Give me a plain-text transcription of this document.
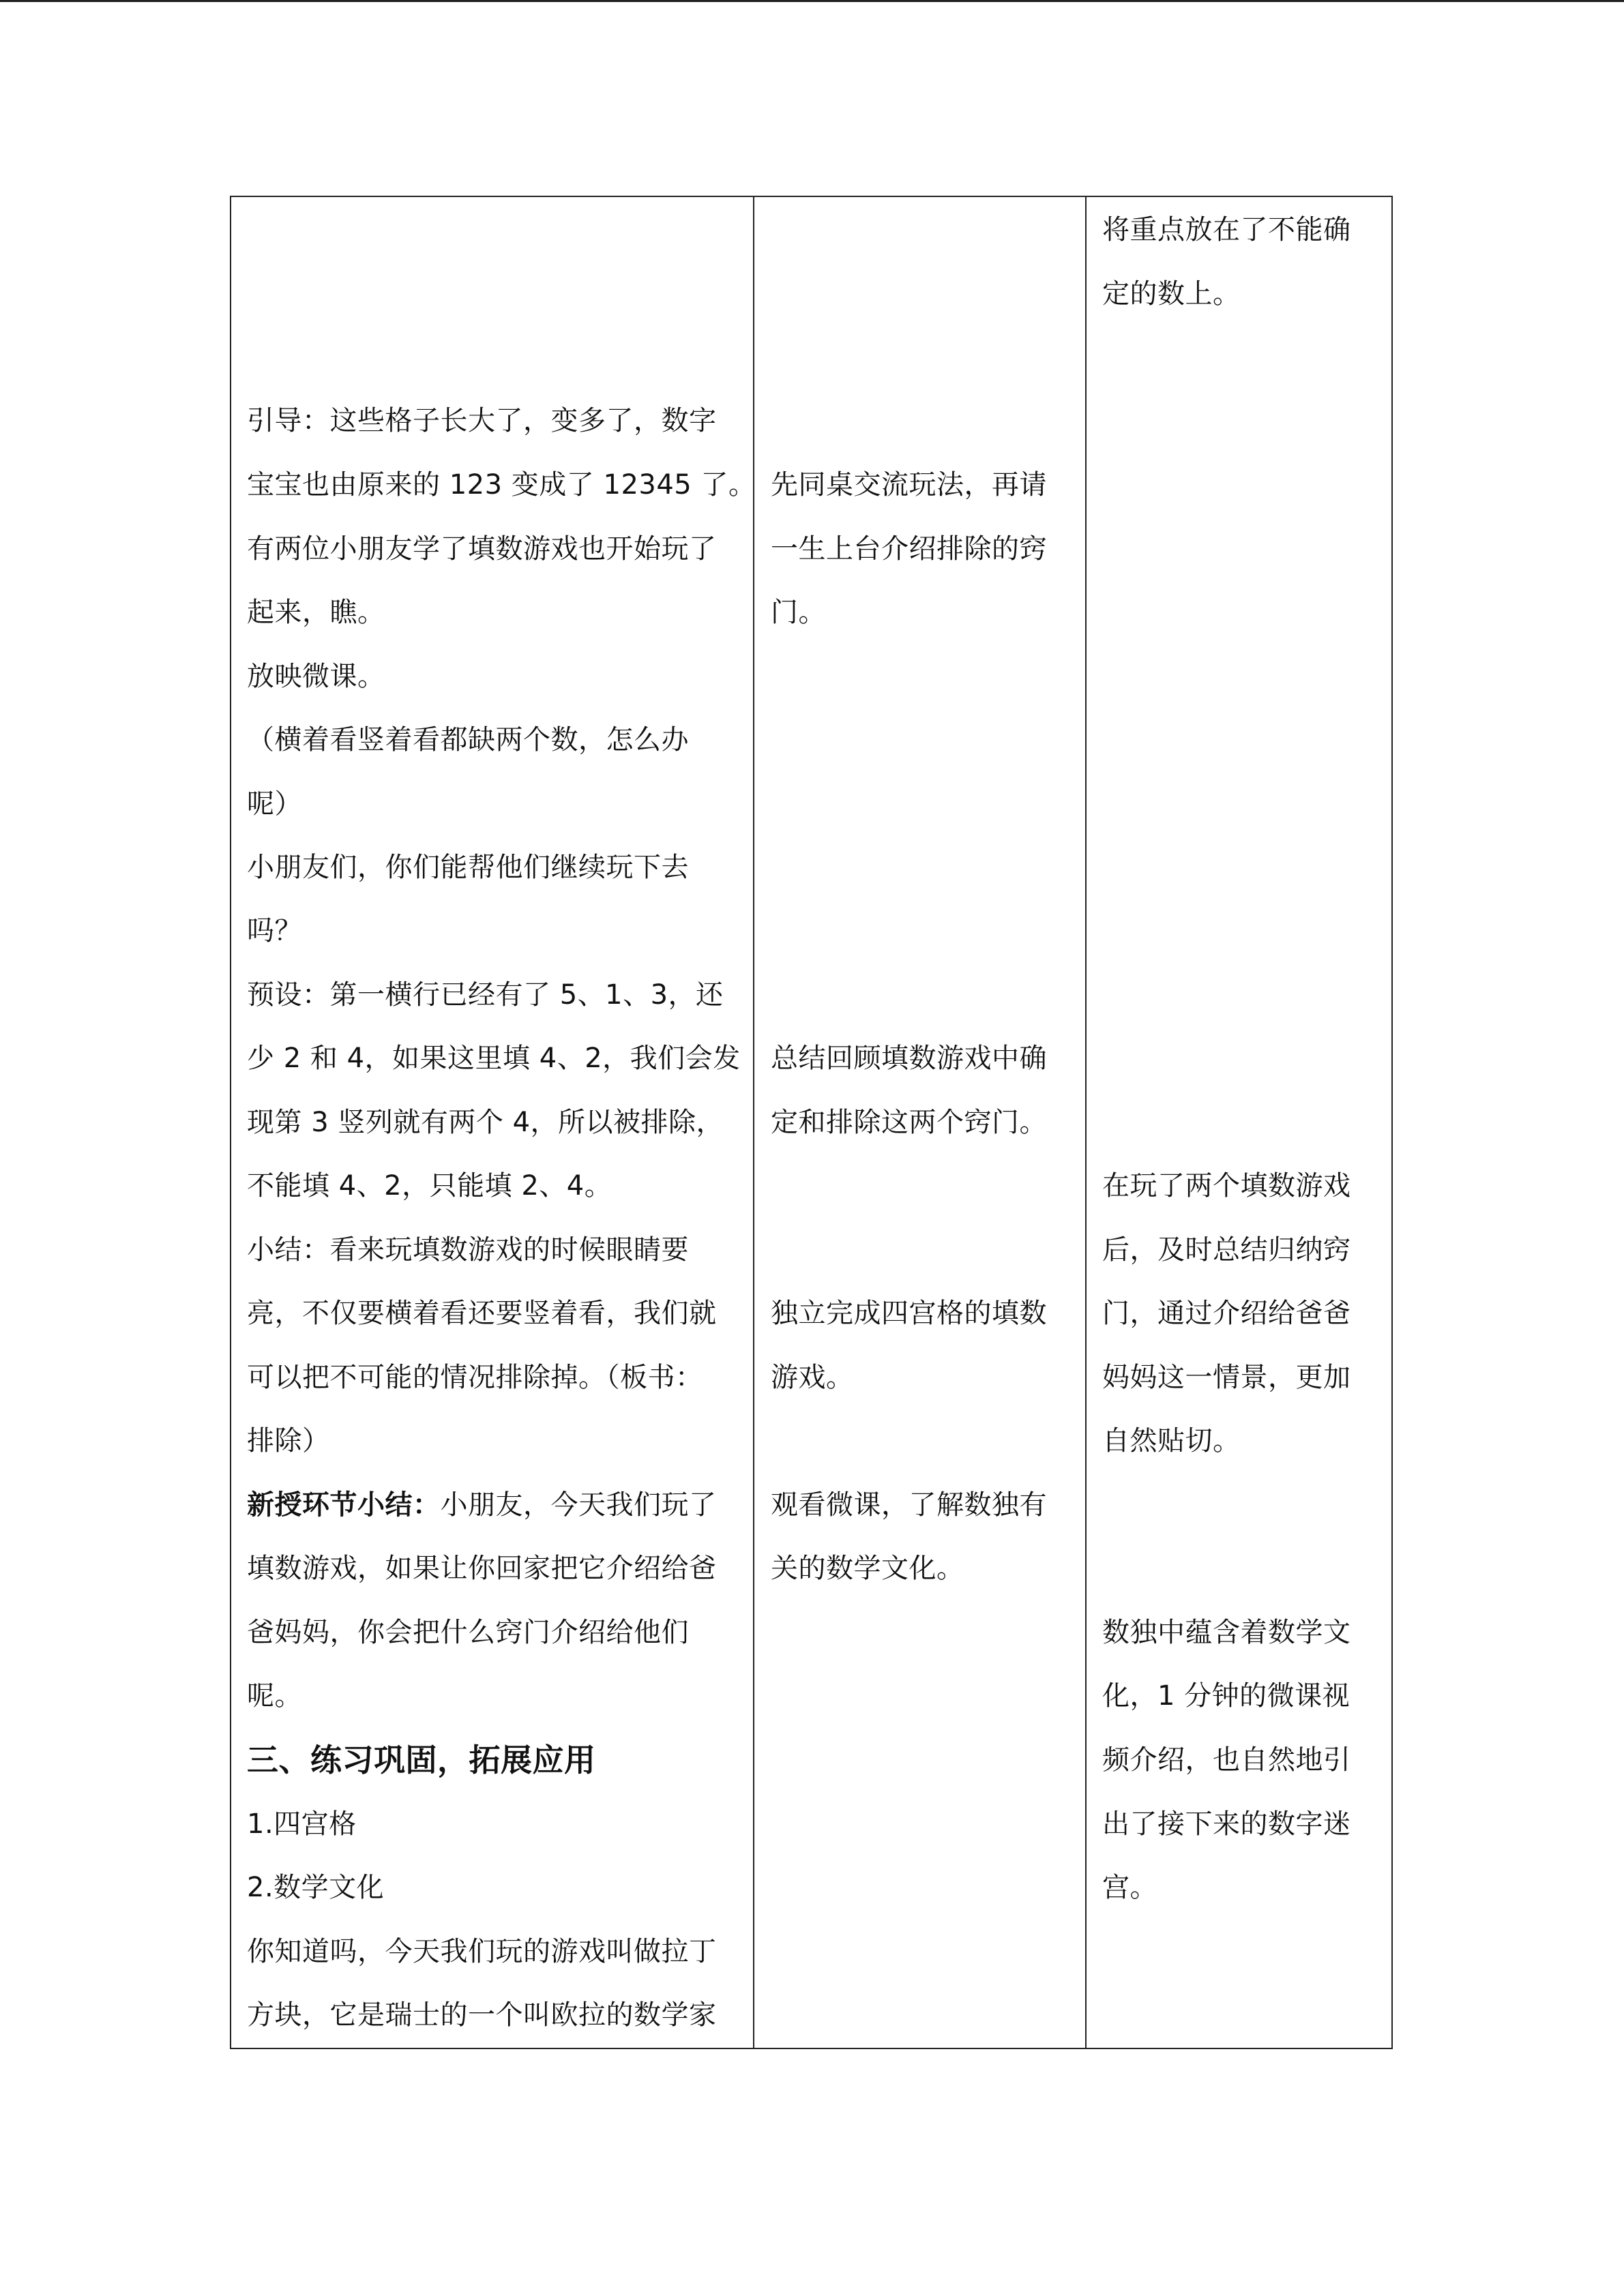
引导：这些格子长大了，变多了，数字
宝宝也由原来的 123 变成了 12345 了。
有两位小朋友学了填数游戏也开始玩了
起来，瞧。
放映微课。
（横着看竖着看都缺两个数，怎么办
呢）
小朋友们，你们能帮他们继续玩下去
吗？
预设：第一横行已经有了 5、1、3，还
少 2 和 4，如果这里填 4、2，我们会发
现第 3 竖列就有两个 4，所以被排除，
不能填 4、2，只能填 2、4。
小结：看来玩填数游戏的时候眼睛要
亮，不仅要横着看还要竖着看，我们就
可以把不可能的情况排除掉。（板书：
排除）
新授环节小结：小朋友，今天我们玩了
填数游戏，如果让你回家把它介绍给爸
爸妈妈，你会把什么窍门介绍给他们
呢。
三、练习巩固，拓展应用
1.四宫格
2.数学文化
你知道吗，今天我们玩的游戏叫做拉丁
方块，它是瑞士的一个叫欧拉的数学家
先同桌交流玩法，再请
一生上台介绍排除的窍
门。
总结回顾填数游戏中确
定和排除这两个窍门。
独立完成四宫格的填数
游戏。
观看微课，了解数独有
关的数学文化。
将重点放在了不能确
定的数上。
在玩了两个填数游戏
后，及时总结归纳窍
门，通过介绍给爸爸
妈妈这一情景，更加
自然贴切。
数独中蕴含着数学文
化，1 分钟的微课视
频介绍，也自然地引
出了接下来的数字迷
宫。
